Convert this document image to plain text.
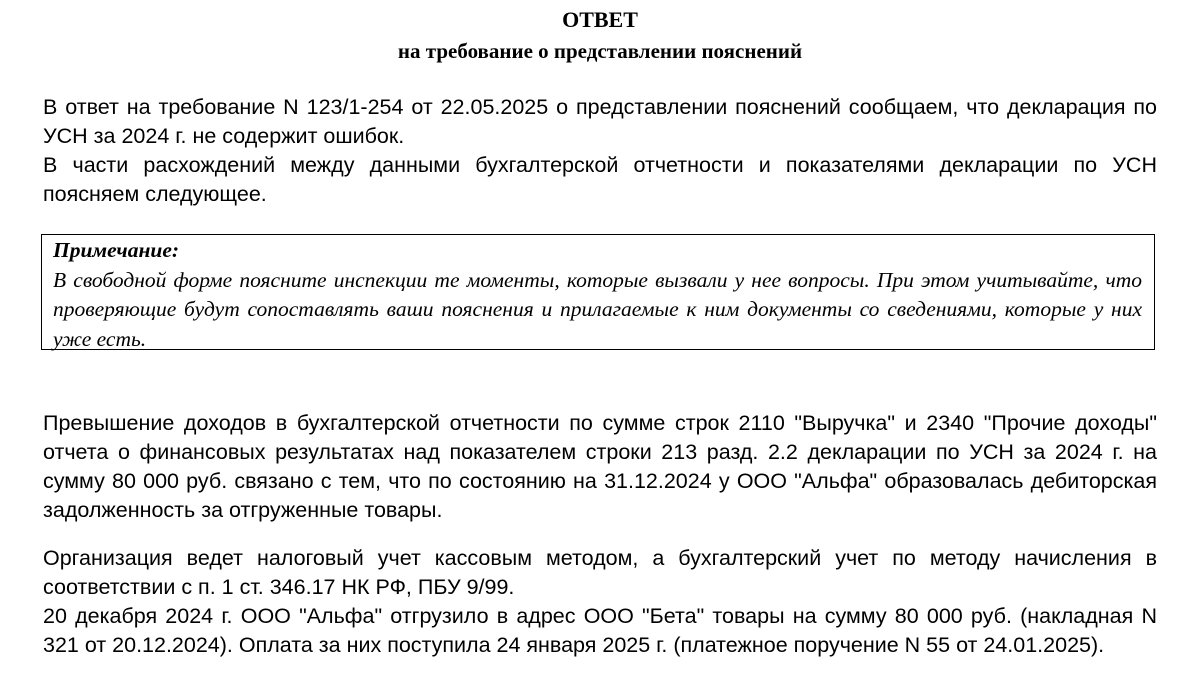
ОТВЕТ
на требование о представлении пояснений

В ответ на требование N 123/1-254 от 22.05.2025 о представлении пояснений сообщаем, что декларация по УСН за 2024 г. не содержит ошибок.

В части расхождений между данными бухгалтерской отчетности и показателями декларации по УСН поясняем следующее.

Примечание:
В свободной форме поясните инспекции те моменты, которые вызвали у нее вопросы. При этом учитывайте, что проверяющие будут сопоставлять ваши пояснения и прилагаемые к ним документы со сведениями, которые у них уже есть.

Превышение доходов в бухгалтерской отчетности по сумме строк 2110 "Выручка" и 2340 "Прочие доходы" отчета о финансовых результатах над показателем строки 213 разд. 2.2 декларации по УСН за 2024 г. на сумму 80 000 руб. связано с тем, что по состоянию на 31.12.2024 у ООО "Альфа" образовалась дебиторская задолженность за отгруженные товары.

Организация ведет налоговый учет кассовым методом, а бухгалтерский учет по методу начисления в соответствии с п. 1 ст. 346.17 НК РФ, ПБУ 9/99.

20 декабря 2024 г. ООО "Альфа" отгрузило в адрес ООО "Бета" товары на сумму 80 000 руб. (накладная N 321 от 20.12.2024). Оплата за них поступила 24 января 2025 г. (платежное поручение N 55 от 24.01.2025).
